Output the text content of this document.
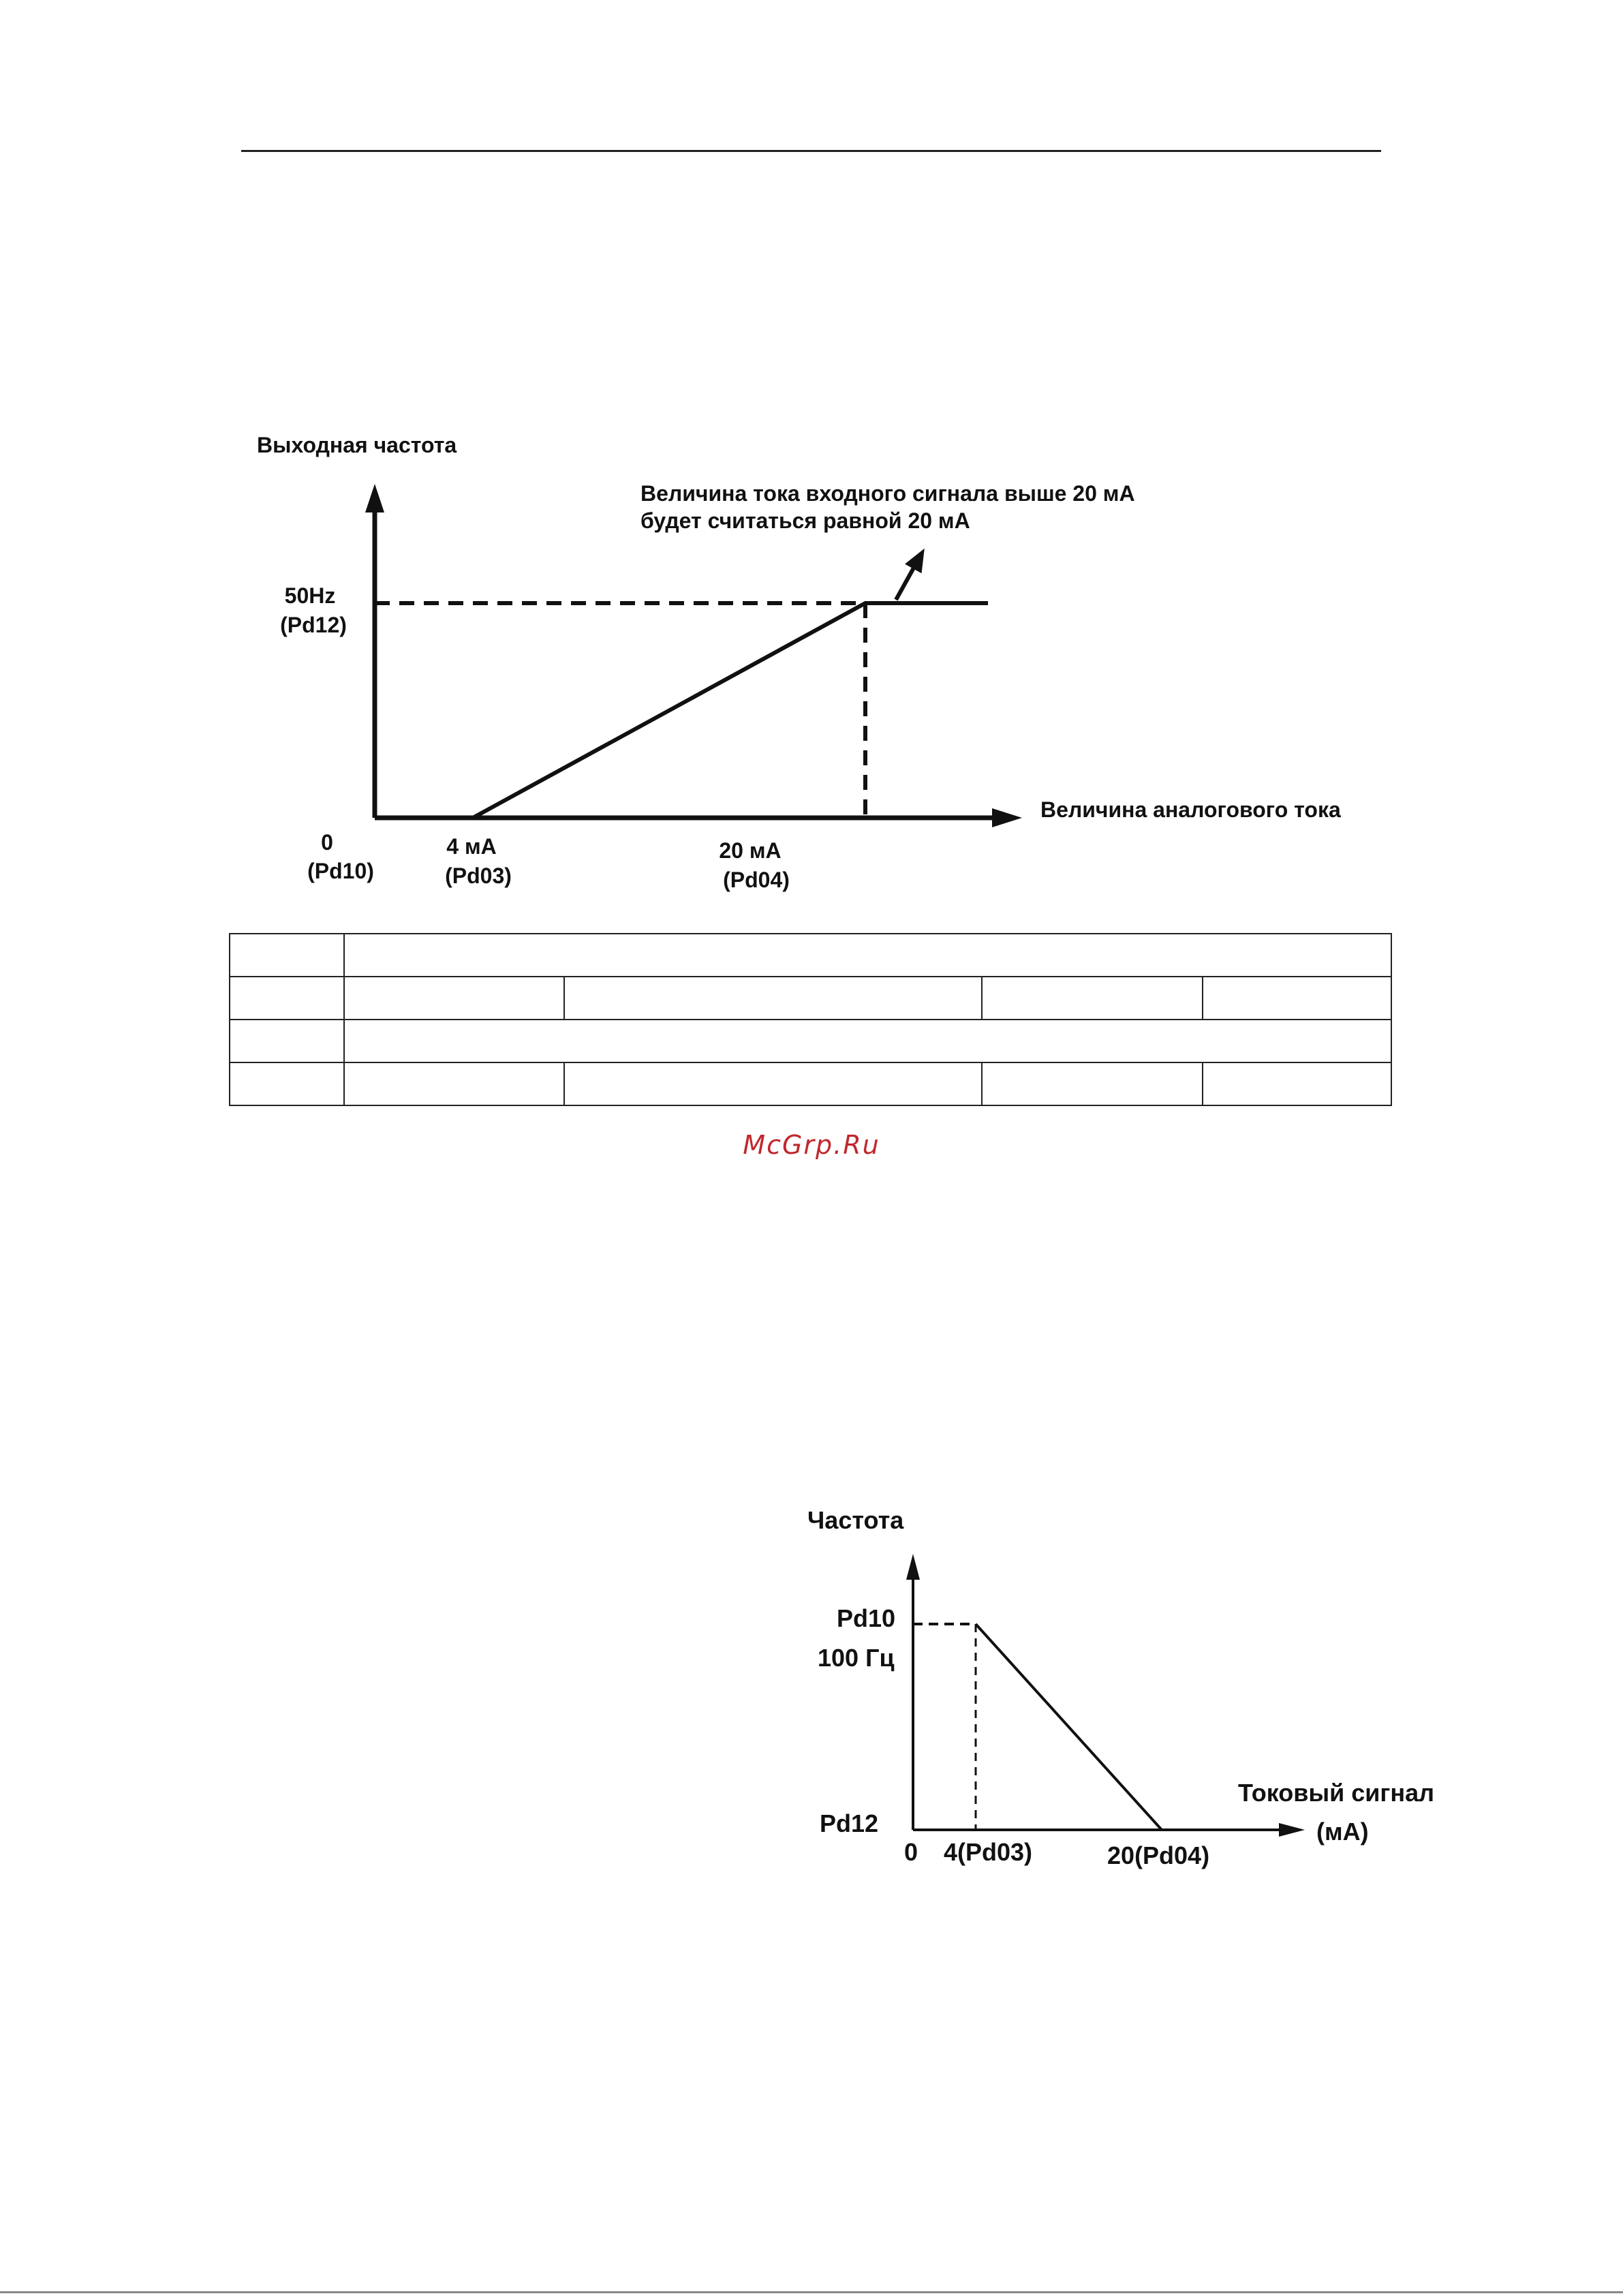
Выходная частота
Величина тока входного сигнала выше 20 мА
будет считаться равной 20 мА
50Hz
(Pd12)
Величина аналогового тока
0
(Pd10)
4 мА
(Pd03)
20 мА
(Pd04)

McGrp.Ru
Частота
Pd10
100 Гц
Pd12
Токовый сигнал
(мА)
0 4(Pd03)	20(Pd04)
